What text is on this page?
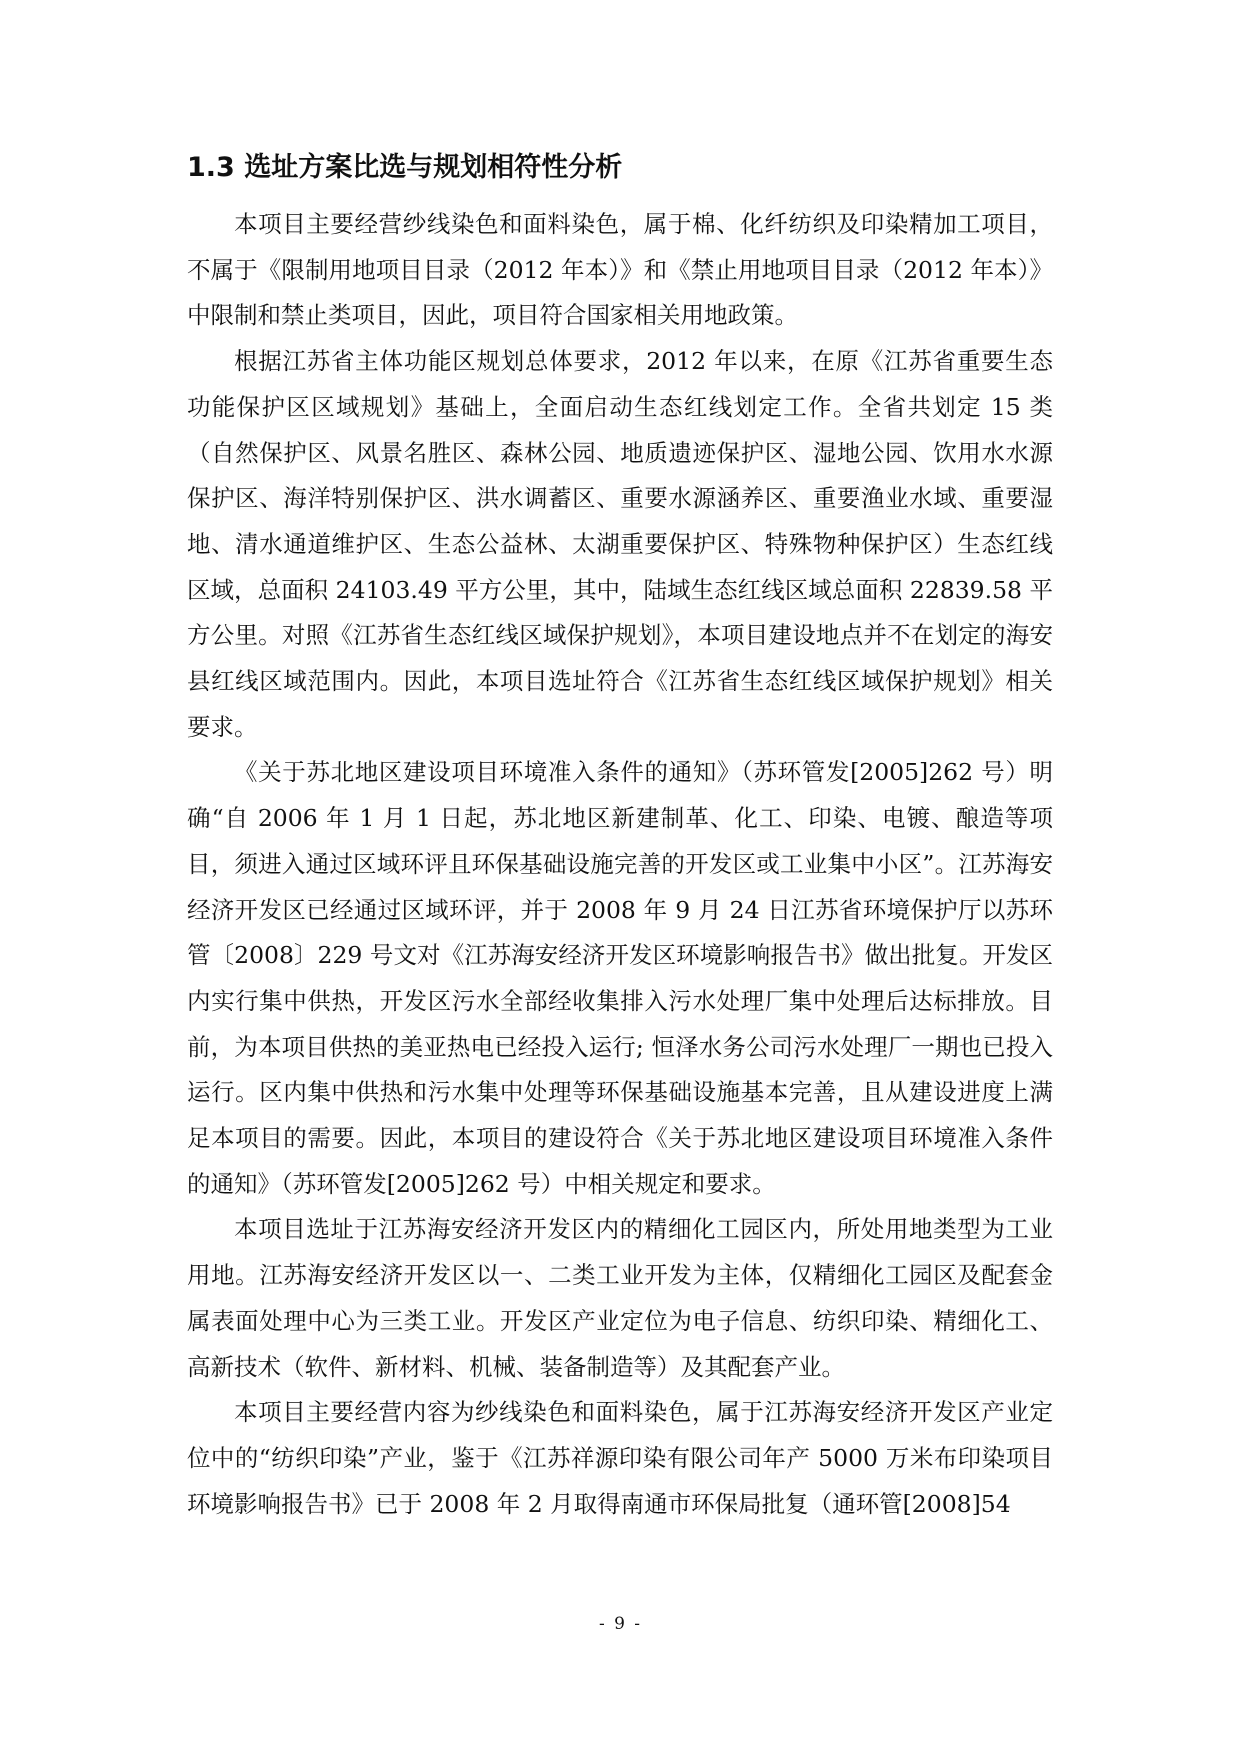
1.3 选址方案比选与规划相符性分析

本项目主要经营纱线染色和面料染色，属于棉、化纤纺织及印染精加工项目，不属于《限制用地项目目录（2012 年本）》和《禁止用地项目目录（2012 年本）》中限制和禁止类项目，因此，项目符合国家相关用地政策。

根据江苏省主体功能区规划总体要求，2012 年以来，在原《江苏省重要生态功能保护区区域规划》基础上，全面启动生态红线划定工作。全省共划定 15 类（自然保护区、风景名胜区、森林公园、地质遗迹保护区、湿地公园、饮用水水源保护区、海洋特别保护区、洪水调蓄区、重要水源涵养区、重要渔业水域、重要湿地、清水通道维护区、生态公益林、太湖重要保护区、特殊物种保护区）生态红线区域，总面积 24103.49 平方公里，其中，陆域生态红线区域总面积 22839.58 平方公里。对照《江苏省生态红线区域保护规划》，本项目建设地点并不在划定的海安县红线区域范围内。因此，本项目选址符合《江苏省生态红线区域保护规划》相关要求。

《关于苏北地区建设项目环境准入条件的通知》（苏环管发[2005]262 号）明确“自 2006 年 1 月 1 日起，苏北地区新建制革、化工、印染、电镀、酿造等项目，须进入通过区域环评且环保基础设施完善的开发区或工业集中小区”。江苏海安经济开发区已经通过区域环评，并于 2008 年 9 月 24 日江苏省环境保护厅以苏环管〔2008〕229 号文对《江苏海安经济开发区环境影响报告书》做出批复。开发区内实行集中供热，开发区污水全部经收集排入污水处理厂集中处理后达标排放。目前，为本项目供热的美亚热电已经投入运行; 恒泽水务公司污水处理厂一期也已投入运行。区内集中供热和污水集中处理等环保基础设施基本完善，且从建设进度上满足本项目的需要。因此，本项目的建设符合《关于苏北地区建设项目环境准入条件的通知》（苏环管发[2005]262 号）中相关规定和要求。

本项目选址于江苏海安经济开发区内的精细化工园区内，所处用地类型为工业用地。江苏海安经济开发区以一、二类工业开发为主体，仅精细化工园区及配套金属表面处理中心为三类工业。开发区产业定位为电子信息、纺织印染、精细化工、高新技术（软件、新材料、机械、装备制造等）及其配套产业。

本项目主要经营内容为纱线染色和面料染色，属于江苏海安经济开发区产业定位中的“纺织印染”产业，鉴于《江苏祥源印染有限公司年产 5000 万米布印染项目环境影响报告书》已于 2008 年 2 月取得南通市环保局批复（通环管[2008]54

- 9 -
